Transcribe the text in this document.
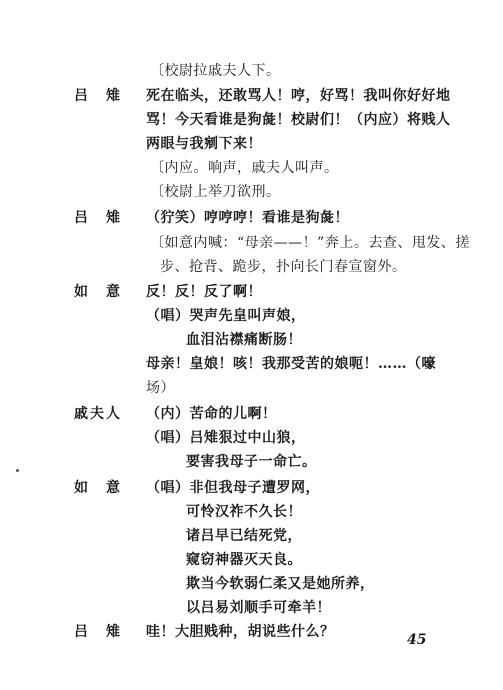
〔校尉拉戚夫人下。
死在临头，还敢骂人！哼，好骂！我叫你好好地
骂！今天看谁是狗彘！校尉们！（内应）将贱人
两眼与我剜下来！
〔内应。响声，戚夫人叫声。
〔校尉上举刀欲刑。
（狞笑）哼哼哼！看谁是狗彘！
〔如意内喊：“母亲——！”奔上。去查、甩发、搓
步、抢背、跪步，扑向长门春宣窗外。
反！反！反了啊！
（唱）哭声先皇叫声娘，
血泪沾襟痛断肠！
母亲！皇娘！咳！我那受苦的娘呃！……（嚎
场）
（内）苦命的儿啊！
（唱）吕雉狠过中山狼，
要害我母子一命亡。
（唱）非但我母子遭罗网，
可怜汉祚不久长！
诸吕早已结死党，
窥窃神器灭天良。
欺当今软弱仁柔又是她所养，
以吕易刘顺手可牵羊！
哇！大胆贱种，胡说些什么？
吕　雉
吕　雉
如　意
戚夫人
如　意
吕　雉	45
